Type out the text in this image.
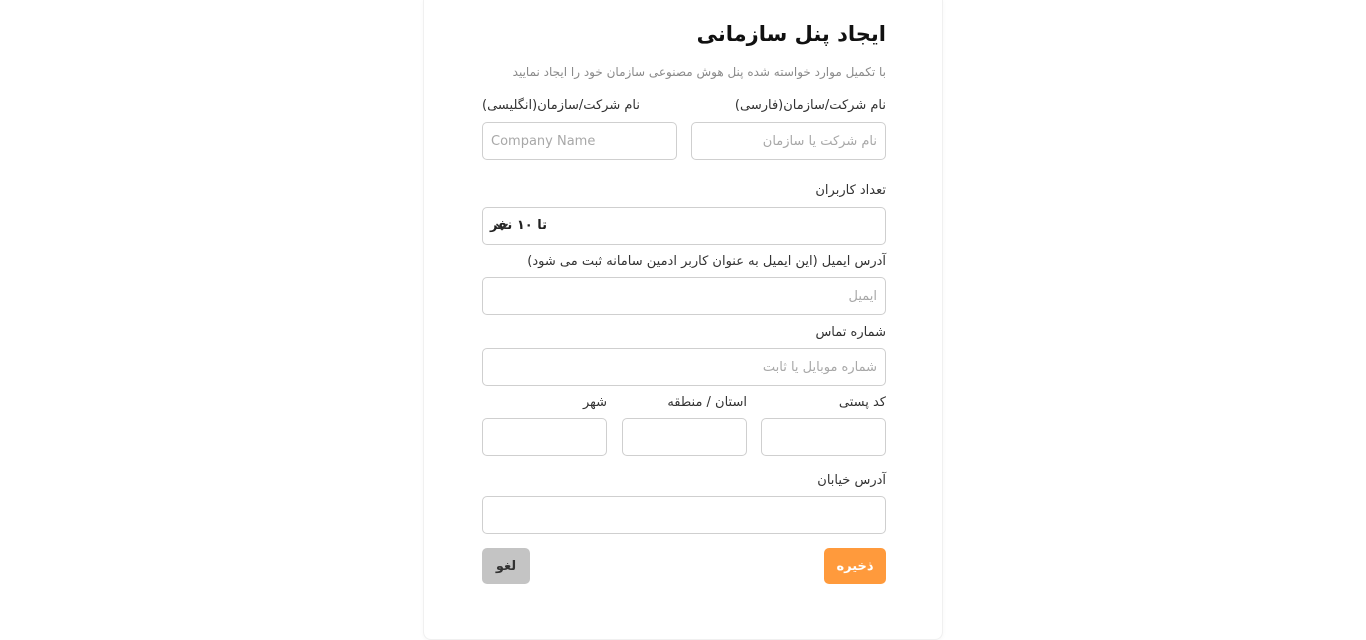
ایجاد پنل سازمانی

با تکمیل موارد خواسته شده پنل هوش مصنوعی سازمان خود را ایجاد نمایید

نام شرکت/سازمان(فارسی)
نام شرکت یا سازمان
نام شرکت/سازمان(انگلیسی)
Company Name
تعداد کاربران
تا ۱۰ نفر
آدرس ایمیل (این ایمیل به عنوان کاربر ادمین سامانه ثبت می شود)
ایمیل
شماره تماس
شماره موبایل یا ثابت
کد پستی
استان / منطقه
شهر
آدرس خیابان
ذخیره
لغو
